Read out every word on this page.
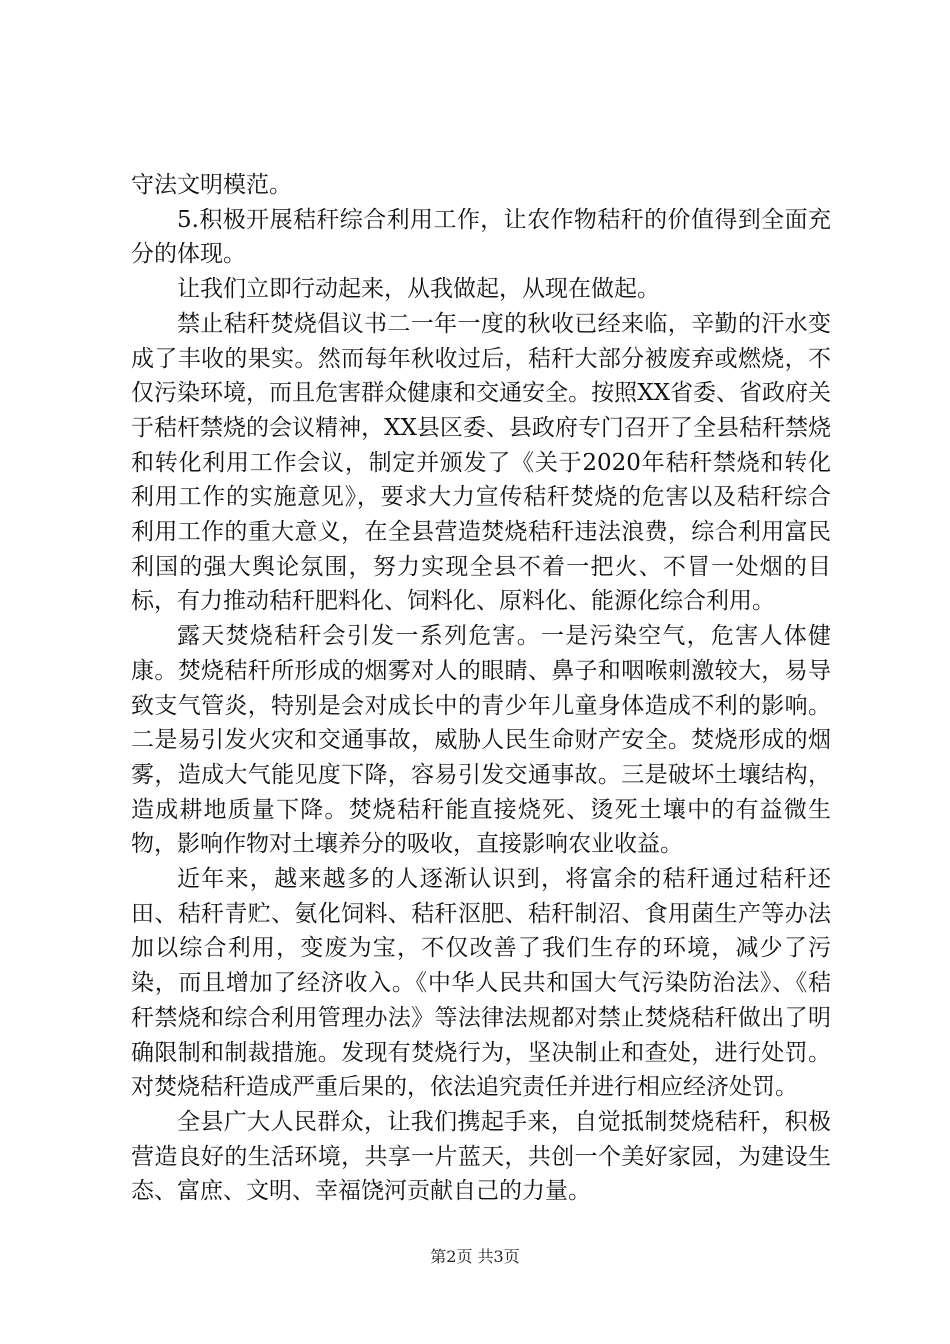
守法文明模范。

5.积极开展秸秆综合利用工作，让农作物秸秆的价值得到全面充分的体现。

让我们立即行动起来，从我做起，从现在做起。

禁止秸秆焚烧倡议书二一年一度的秋收已经来临，辛勤的汗水变成了丰收的果实。然而每年秋收过后，秸秆大部分被废弃或燃烧，不仅污染环境，而且危害群众健康和交通安全。按照XX省委、省政府关于秸杆禁烧的会议精神，XX县区委、县政府专门召开了全县秸秆禁烧和转化利用工作会议，制定并颁发了《关于2020年秸秆禁烧和转化利用工作的实施意见》，要求大力宣传秸秆焚烧的危害以及秸秆综合利用工作的重大意义，在全县营造焚烧秸秆违法浪费，综合利用富民利国的强大舆论氛围，努力实现全县不着一把火、不冒一处烟的目标，有力推动秸秆肥料化、饲料化、原料化、能源化综合利用。

露天焚烧秸秆会引发一系列危害。一是污染空气，危害人体健康。焚烧秸秆所形成的烟雾对人的眼睛、鼻子和咽喉刺激较大，易导致支气管炎，特别是会对成长中的青少年儿童身体造成不利的影响。二是易引发火灾和交通事故，威胁人民生命财产安全。焚烧形成的烟雾，造成大气能见度下降，容易引发交通事故。三是破坏土壤结构，造成耕地质量下降。焚烧秸秆能直接烧死、烫死土壤中的有益微生物，影响作物对土壤养分的吸收，直接影响农业收益。

近年来，越来越多的人逐渐认识到，将富余的秸秆通过秸秆还田、秸秆青贮、氨化饲料、秸秆沤肥、秸秆制沼、食用菌生产等办法加以综合利用，变废为宝，不仅改善了我们生存的环境，减少了污染，而且增加了经济收入。《中华人民共和国大气污染防治法》、《秸秆禁烧和综合利用管理办法》等法律法规都对禁止焚烧秸秆做出了明确限制和制裁措施。发现有焚烧行为，坚决制止和查处，进行处罚。对焚烧秸秆造成严重后果的，依法追究责任并进行相应经济处罚。

全县广大人民群众，让我们携起手来，自觉抵制焚烧秸秆，积极营造良好的生活环境，共享一片蓝天，共创一个美好家园，为建设生态、富庶、文明、幸福饶河贡献自己的力量。

第2页 共3页
